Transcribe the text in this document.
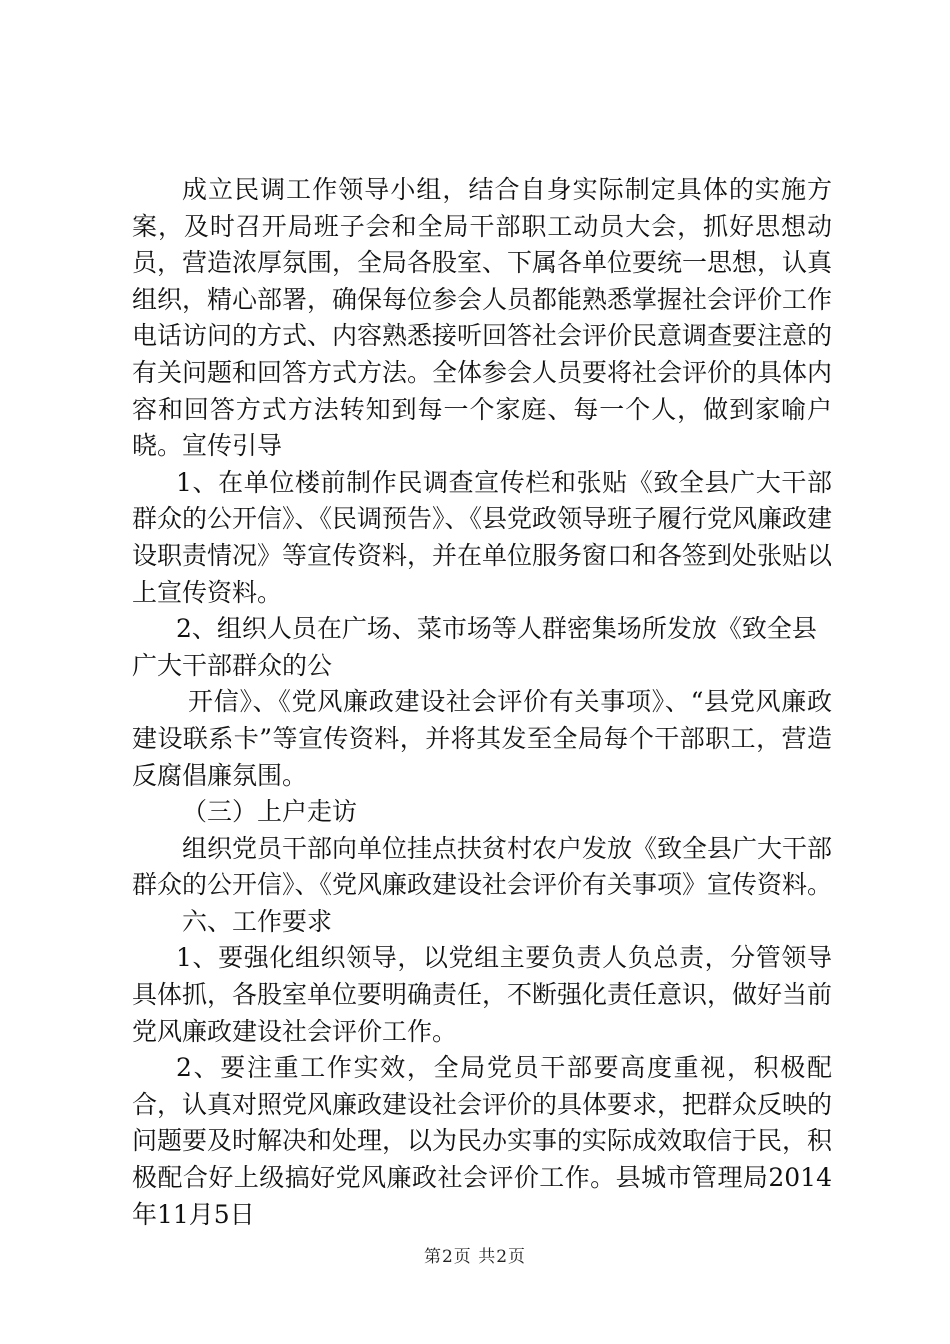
成立民调工作领导小组，结合自身实际制定具体的实施方案，及时召开局班子会和全局干部职工动员大会，抓好思想动员，营造浓厚氛围，全局各股室、下属各单位要统一思想，认真组织，精心部署，确保每位参会人员都能熟悉掌握社会评价工作电话访问的方式、内容熟悉接听回答社会评价民意调查要注意的有关问题和回答方式方法。全体参会人员要将社会评价的具体内容和回答方式方法转知到每一个家庭、每一个人，做到家喻户晓。宣传引导

1、在单位楼前制作民调查宣传栏和张贴《致全县广大干部群众的公开信》、《民调预告》、《县党政领导班子履行党风廉政建设职责情况》等宣传资料，并在单位服务窗口和各签到处张贴以上宣传资料。

2、组织人员在广场、菜市场等人群密集场所发放《致全县广大干部群众的公

开信》、《党风廉政建设社会评价有关事项》、“县党风廉政建设联系卡”等宣传资料，并将其发至全局每个干部职工，营造反腐倡廉氛围。

（三）上户走访

组织党员干部向单位挂点扶贫村农户发放《致全县广大干部群众的公开信》、《党风廉政建设社会评价有关事项》宣传资料。

六、工作要求

1、要强化组织领导，以党组主要负责人负总责，分管领导具体抓，各股室单位要明确责任，不断强化责任意识，做好当前党风廉政建设社会评价工作。

2、要注重工作实效，全局党员干部要高度重视，积极配合，认真对照党风廉政建设社会评价的具体要求，把群众反映的问题要及时解决和处理，以为民办实事的实际成效取信于民，积极配合好上级搞好党风廉政社会评价工作。县城市管理局2014年11月5日

第2页 共2页
